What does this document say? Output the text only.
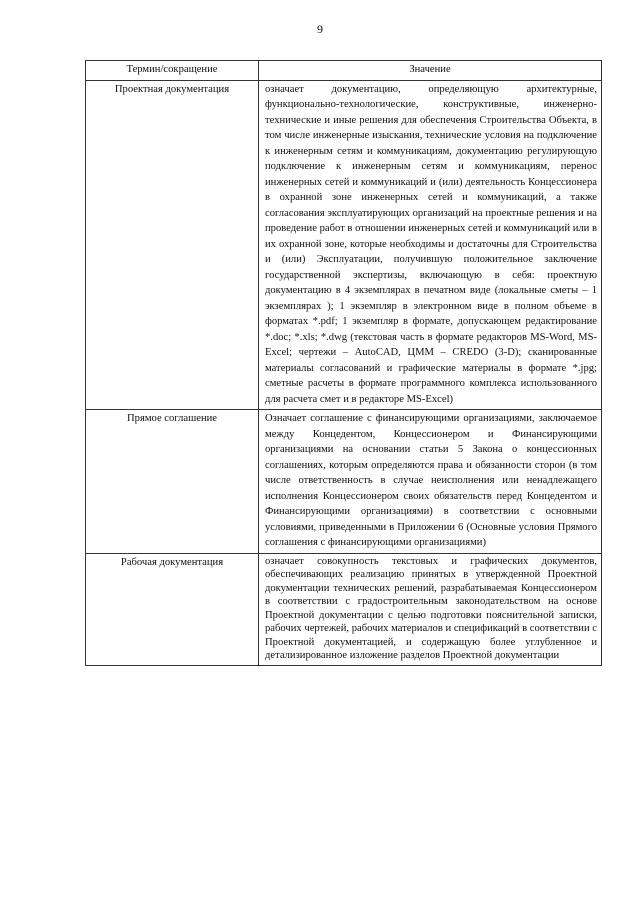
9
Термин/сокращение	Значение
Проектная документация	означает документацию, определяющую архитектурные, функционально-технологические, конструктивные, инженерно-технические и иные решения для обеспечения Строительства Объекта, в том числе инженерные изыскания, технические условия на подключение к инженерным сетям и коммуникациям, документацию регулирующую подключение к инженерным сетям и коммуникациям, перенос инженерных сетей и коммуникаций и (или) деятельность Концессионера в охранной зоне инженерных сетей и коммуникаций, а также согласования эксплуатирующих организаций на проектные решения и на проведение работ в отношении инженерных сетей и коммуникаций или в их охранной зоне, которые необходимы и достаточны для Строительства и (или) Эксплуатации, получившую положительное заключение государственной экспертизы, включающую в себя: проектную документацию в 4 экземплярах в печатном виде (локальные сметы – 1 экземплярах ); 1 экземпляр в электронном виде в полном объеме в форматах *.pdf; 1 экземпляр в формате, допускающем редактирование *.doc; *.xls; *.dwg (текстовая часть в формате редакторов MS-Word, MS-Excel; чертежи – AutoCAD, ЦММ – CREDO (3-D); сканированные материалы согласований и графические материалы в формате *.jpg; сметные расчеты в формате программного комплекса использованного для расчета смет и в редакторе MS-Excel)
Прямое соглашение	Означает соглашение с финансирующими организациями, заключаемое между Концедентом, Концессионером и Финансирующими организациями на основании статьи 5 Закона о концессионных соглашениях, которым определяются права и обязанности сторон (в том числе ответственность в случае неисполнения или ненадлежащего исполнения Концессионером своих обязательств перед Концедентом и Финансирующими организациями) в соответствии с основными условиями, приведенными в Приложении 6 (Основные условия Прямого соглашения с финансирующими организациями)
Рабочая документация	означает совокупность текстовых и графических документов, обеспечивающих реализацию принятых в утвержденной Проектной документации технических решений, разрабатываемая Концессионером в соответствии с градостроительным законодательством на основе Проектной документации с целью подготовки пояснительной записки, рабочих чертежей, рабочих материалов и спецификаций в соответствии с Проектной документацией, и содержащую более углубленное и детализированное изложение разделов Проектной документации
